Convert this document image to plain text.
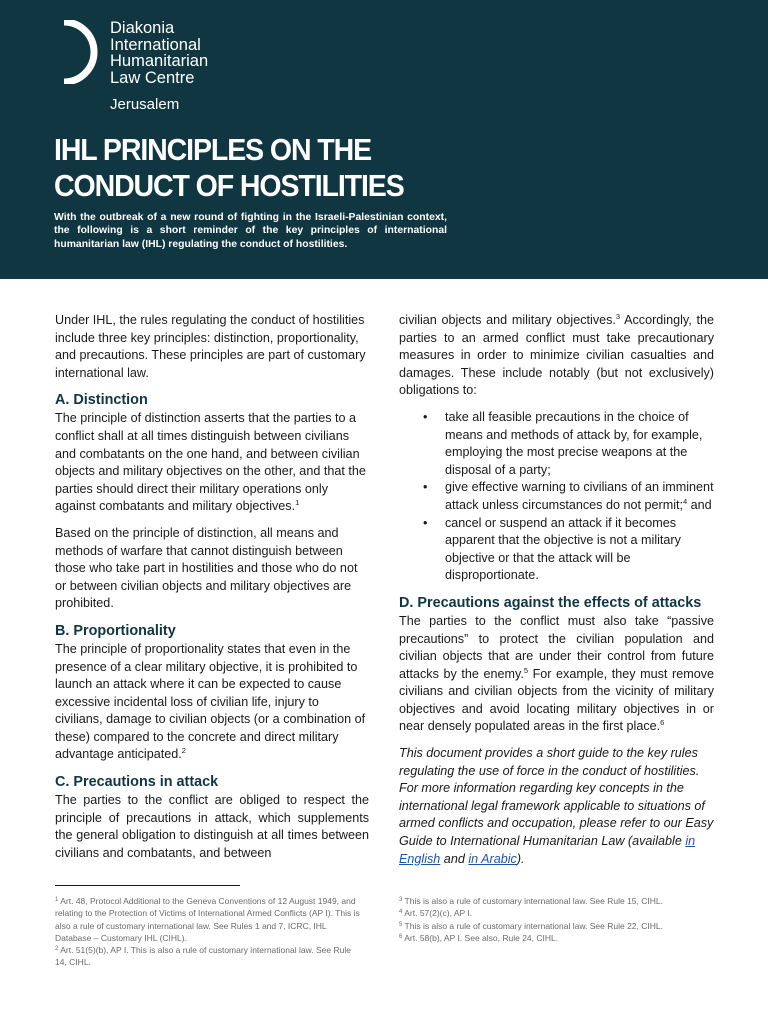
Diakonia
International
Humanitarian
Law Centre
Jerusalem
IHL PRINCIPLES ON THE
CONDUCT OF HOSTILITIES

With the outbreak of a new round of fighting in the Israeli-Palestinian context, the following is a short reminder of the key principles of international humanitarian law (IHL) regulating the conduct of hostilities.

Under IHL, the rules regulating the conduct of hostilities include three key principles: distinction, proportionality, and precautions. These principles are part of customary international law.

A. Distinction

The principle of distinction asserts that the parties to a conflict shall at all times distinguish between civilians and combatants on the one hand, and between civilian objects and military objectives on the other, and that the parties should direct their military operations only against combatants and military objectives.$^1$

Based on the principle of distinction, all means and methods of warfare that cannot distinguish between those who take part in hostilities and those who do not or between civilian objects and military objectives are prohibited.

B. Proportionality

The principle of proportionality states that even in the presence of a clear military objective, it is prohibited to launch an attack where it can be expected to cause excessive incidental loss of civilian life, injury to civilians, damage to civilian objects (or a combination of these) compared to the concrete and direct military advantage anticipated.$^2$

C. Precautions in attack

The parties to the conflict are obliged to respect the principle of precautions in attack, which supplements the general obligation to distinguish at all times between civilians and combatants, and between

civilian objects and military objectives.$^3$ Accordingly, the parties to an armed conflict must take precautionary measures in order to minimize civilian casualties and damages. These include notably (but not exclusively) obligations to:

• take all feasible precautions in the choice of means and methods of attack by, for example, employing the most precise weapons at the disposal of a party;
• give effective warning to civilians of an imminent attack unless circumstances do not permit;$^4$ and
• cancel or suspend an attack if it becomes apparent that the objective is not a military objective or that the attack will be disproportionate.
D. Precautions against the effects of attacks

The parties to the conflict must also take “passive precautions” to protect the civilian population and civilian objects that are under their control from future attacks by the enemy.$^5$ For example, they must remove civilians and civilian objects from the vicinity of military objectives and avoid locating military objectives in or near densely populated areas in the first place.$^6$

This document provides a short guide to the key rules regulating the use of force in the conduct of hostilities. For more information regarding key concepts in the international legal framework applicable to situations of armed conflicts and occupation, please refer to our Easy Guide to International Humanitarian Law (available in English and in Arabic).

$^1$ Art. 48, Protocol Additional to the Geneva Conventions of 12 August 1949, and relating to the Protection of Victims of International Armed Conflicts (AP I). This is also a rule of customary international law. See Rules 1 and 7, ICRC, IHL Database – Customary IHL (CIHL).
$^2$ Art. 51(5)(b), AP I. This is also a rule of customary international law. See Rule 14, CIHL.
$^3$ This is also a rule of customary international law. See Rule 15, CIHL.
$^4$ Art. 57(2)(c), AP I.
$^5$ This is also a rule of customary international law. See Rule 22, CIHL.
$^6$ Art. 58(b), AP I. See also, Rule 24, CIHL.
